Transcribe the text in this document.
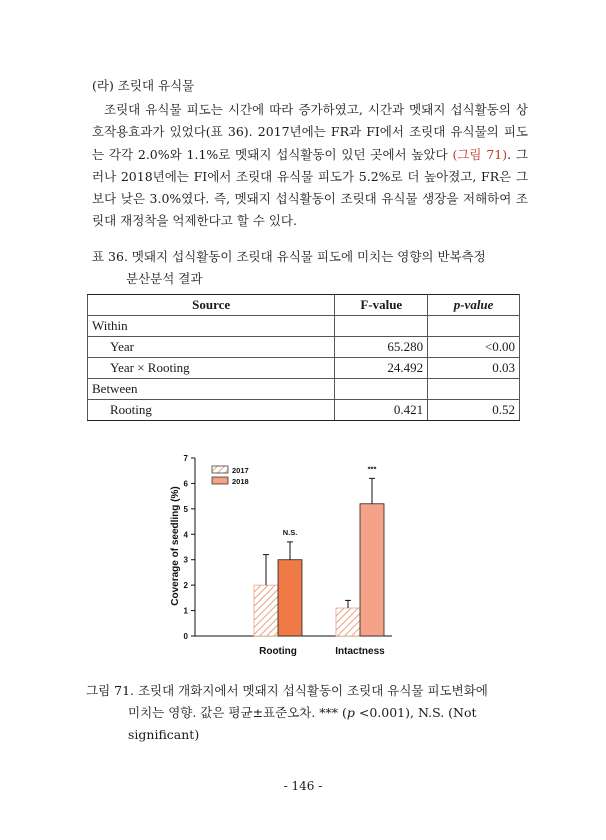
(라) 조릿대 유식물

조릿대 유식물 피도는 시간에 따라 증가하였고, 시간과 멧돼지 섭식활동의 상호작용효과가 있었다(표 36). 2017년에는 FR과 FI에서 조릿대 유식물의 피도는 각각 2.0%와 1.1%로 멧돼지 섭식활동이 있던 곳에서 높았다 (그림 71). 그러나 2018년에는 FI에서 조릿대 유식물 피도가 5.2%로 더 높아졌고, FR은 그보다 낮은 3.0%였다. 즉, 멧돼지 섭식활동이 조릿대 유식물 생장을 저해하여 조릿대 재정착을 억제한다고 할 수 있다.

표 36. 멧돼지 섭식활동이 조릿대 유식물 피도에 미치는 영향의 반복측정
분산분석 결과
Source	F-value	p-value
Within		
Year	65.280	<0.00
Year × Rooting	24.492	0.03
Between		
Rooting	0.421	0.52
0
1
2
3
4
5
6
7
Rooting	Intactness
N.S.
***
2017
2018
Coverage of seedling (%)
그림 71. 조릿대 개화지에서 멧돼지 섭식활동이 조릿대 유식물 피도변화에
미치는 영향. 값은 평균±표준오차. *** (p <0.001), N.S. (Not significant)
- 146 -
